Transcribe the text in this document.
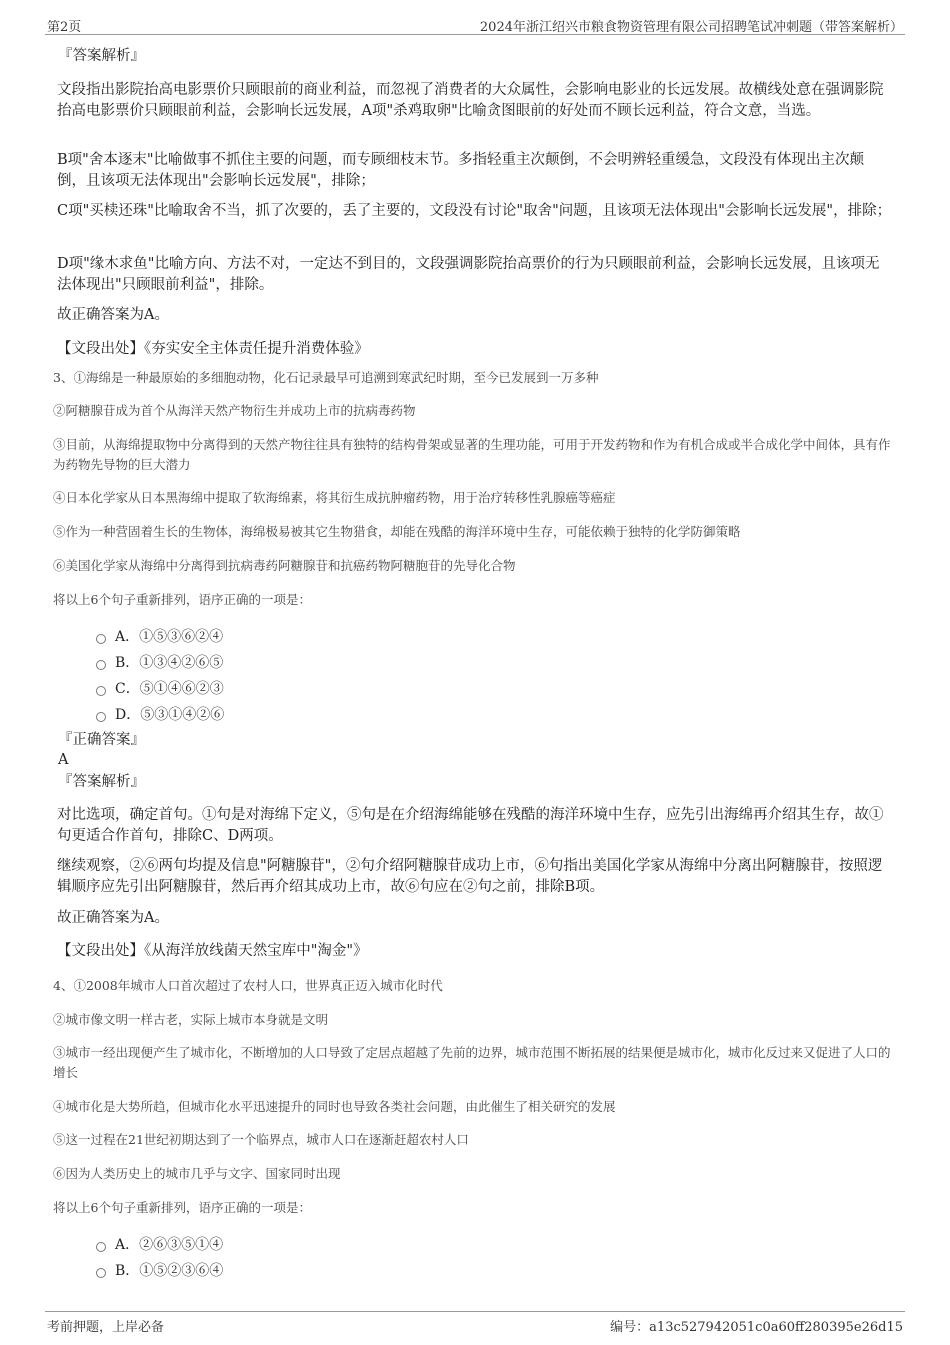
第2页	2024年浙江绍兴市粮食物资管理有限公司招聘笔试冲刺题（带答案解析）
『答案解析』
文段指出影院抬高电影票价只顾眼前的商业利益，而忽视了消费者的大众属性，会影响电影业的长远发展。故横线处意在强调影院抬高电影票价只顾眼前利益，会影响长远发展，A项"杀鸡取卵"比喻贪图眼前的好处而不顾长远利益，符合文意，当选。
B项"舍本逐末"比喻做事不抓住主要的问题，而专顾细枝末节。多指轻重主次颠倒，不会明辨轻重缓急，文段没有体现出主次颠倒，且该项无法体现出"会影响长远发展"，排除；
C项"买椟还珠"比喻取舍不当，抓了次要的，丢了主要的，文段没有讨论"取舍"问题，且该项无法体现出"会影响长远发展"，排除；
D项"缘木求鱼"比喻方向、方法不对，一定达不到目的，文段强调影院抬高票价的行为只顾眼前利益，会影响长远发展，且该项无法体现出"只顾眼前利益"，排除。
故正确答案为A。
【文段出处】《夯实安全主体责任提升消费体验》
3、①海绵是一种最原始的多细胞动物，化石记录最早可追溯到寒武纪时期，至今已发展到一万多种
②阿糖腺苷成为首个从海洋天然产物衍生并成功上市的抗病毒药物
③目前，从海绵提取物中分离得到的天然产物往往具有独特的结构骨架或显著的生理功能，可用于开发药物和作为有机合成或半合成化学中间体，具有作为药物先导物的巨大潜力
④日本化学家从日本黑海绵中提取了软海绵素，将其衍生成抗肿瘤药物，用于治疗转移性乳腺癌等癌症
⑤作为一种营固着生长的生物体，海绵极易被其它生物猎食，却能在残酷的海洋环境中生存，可能依赖于独特的化学防御策略
⑥美国化学家从海绵中分离得到抗病毒药阿糖腺苷和抗癌药物阿糖胞苷的先导化合物
将以上6个句子重新排列，语序正确的一项是：
A．①⑤③⑥②④
B．①③④②⑥⑤
C．⑤①④⑥②③
D．⑤③①④②⑥
『正确答案』
A
『答案解析』
对比选项，确定首句。①句是对海绵下定义，⑤句是在介绍海绵能够在残酷的海洋环境中生存，应先引出海绵再介绍其生存，故①句更适合作首句，排除C、D两项。
继续观察，②⑥两句均提及信息"阿糖腺苷"，②句介绍阿糖腺苷成功上市，⑥句指出美国化学家从海绵中分离出阿糖腺苷，按照逻辑顺序应先引出阿糖腺苷，然后再介绍其成功上市，故⑥句应在②句之前，排除B项。
故正确答案为A。
【文段出处】《从海洋放线菌天然宝库中"淘金"》
4、①2008年城市人口首次超过了农村人口，世界真正迈入城市化时代
②城市像文明一样古老，实际上城市本身就是文明
③城市一经出现便产生了城市化，不断增加的人口导致了定居点超越了先前的边界，城市范围不断拓展的结果便是城市化，城市化反过来又促进了人口的增长
④城市化是大势所趋，但城市化水平迅速提升的同时也导致各类社会问题，由此催生了相关研究的发展
⑤这一过程在21世纪初期达到了一个临界点，城市人口在逐渐赶超农村人口
⑥因为人类历史上的城市几乎与文字、国家同时出现
将以上6个句子重新排列，语序正确的一项是：
A．②⑥③⑤①④
B．①⑤②③⑥④
考前押题，上岸必备	编号：a13c527942051c0a60ff280395e26d15
